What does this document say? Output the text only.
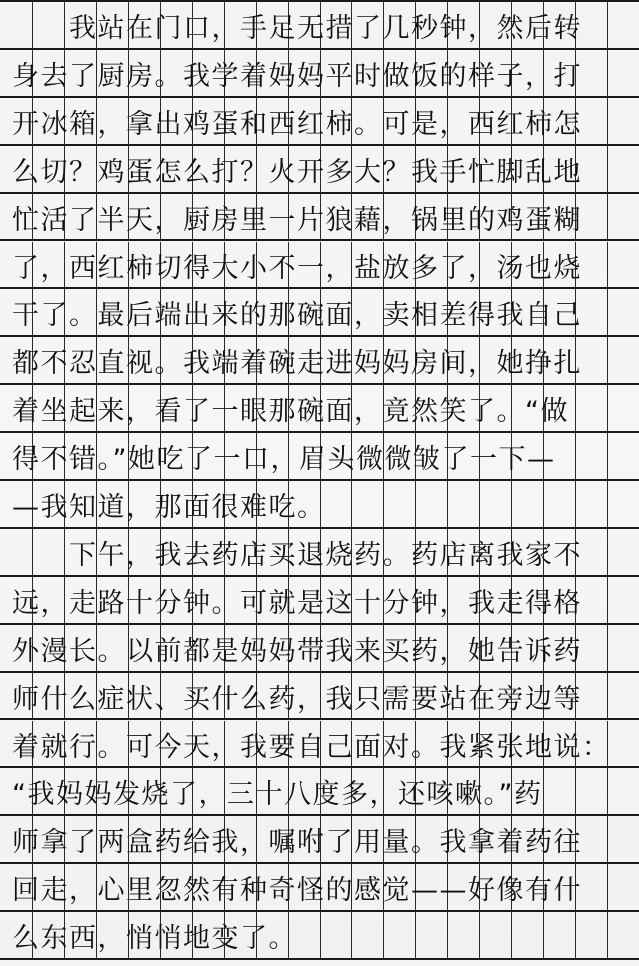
　　我站在门口，手足无措了几秒钟，然后转
身去了厨房。我学着妈妈平时做饭的样子，打
开冰箱，拿出鸡蛋和西红柿。可是，西红柿怎
么切？鸡蛋怎么打？火开多大？我手忙脚乱地
忙活了半天，厨房里一片狼藉，锅里的鸡蛋糊
了，西红柿切得大小不一，盐放多了，汤也烧
干了。最后端出来的那碗面，卖相差得我自己
都不忍直视。我端着碗走进妈妈房间，她挣扎
着坐起来，看了一眼那碗面，竟然笑了。“做
得不错。”她吃了一口，眉头微微皱了一下—
—我知道，那面很难吃。
　　下午，我去药店买退烧药。药店离我家不
远，走路十分钟。可就是这十分钟，我走得格
外漫长。以前都是妈妈带我来买药，她告诉药
师什么症状、买什么药，我只需要站在旁边等
着就行。可今天，我要自己面对。我紧张地说：
“我妈妈发烧了，三十八度多，还咳嗽。”药
师拿了两盒药给我，嘱咐了用量。我拿着药往
回走，心里忽然有种奇怪的感觉——好像有什
么东西，悄悄地变了。
